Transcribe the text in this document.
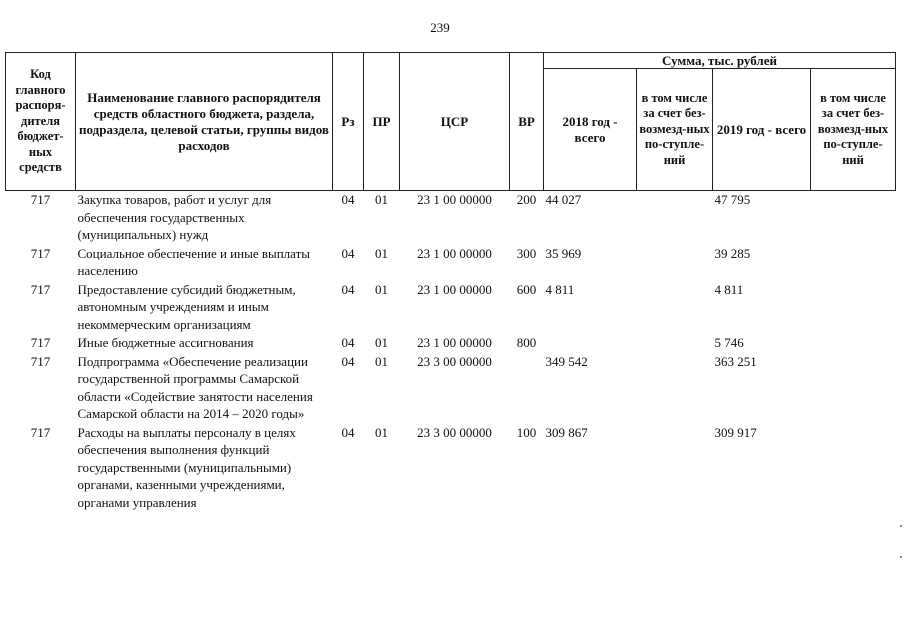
239
Код главного распоря-дителя бюджет-ных средств	Наименование главного распорядителя средств областного бюджета, раздела, подраздела, целевой статьи, группы видов расходов	Рз	ПР	ЦСР	ВР	Сумма, тыс. рублей			
						2018 год - всего	в том числе за счет без-возмезд-ных по-ступле-ний	2019 год - всего	в том числе за счет без-возмезд-ных по-ступле-ний
717	Закупка товаров, работ и услуг для обеспечения государственных (муниципальных) нужд	04	01	23 1 00 00000	200	44 027		47 795	
717	Социальное обеспечение и иные выплаты населению	04	01	23 1 00 00000	300	35 969		39 285	
717	Предоставление субсидий бюджетным, автономным учреждениям и иным некоммерческим организациям	04	01	23 1 00 00000	600	4 811		4 811	
717	Иные бюджетные ассигнования	04	01	23 1 00 00000	800			5 746	
717	Подпрограмма «Обеспечение реализации государственной программы Самарской области «Содействие занятости населения Самарской области на 2014 – 2020 годы»	04	01	23 3 00 00000		349 542		363 251	
717	Расходы на выплаты персоналу в целях обеспечения выполнения функций государственными (муниципальными) органами, казенными учреждениями, органами управления	04	01	23 3 00 00000	100	309 867		309 917	
